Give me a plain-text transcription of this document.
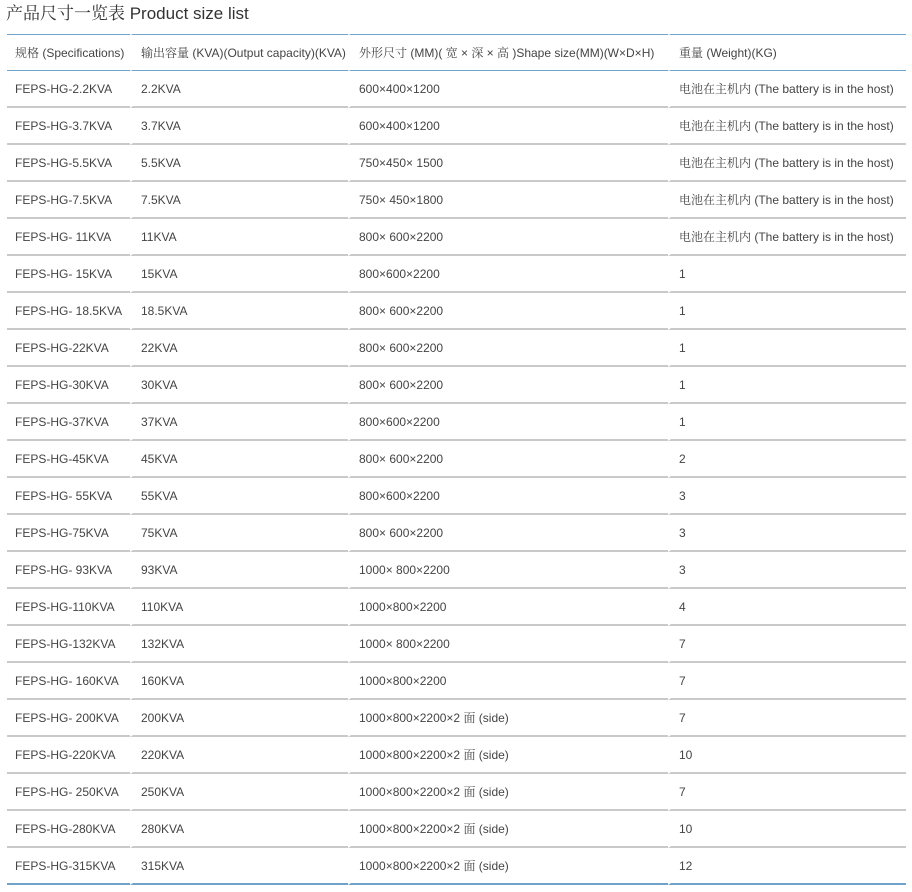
产品尺寸一览表 Product size list
规格 (Specifications)	输出容量 (KVA)(Output capacity)(KVA)	外形尺寸 (MM)( 宽 × 深 × 高 )Shape size(MM)(W×D×H)	重量 (Weight)(KG)
FEPS-HG-2.2KVA	2.2KVA	600×400×1200	电池在主机内 (The battery is in the host)
FEPS-HG-3.7KVA	3.7KVA	600×400×1200	电池在主机内 (The battery is in the host)
FEPS-HG-5.5KVA	5.5KVA	750×450× 1500	电池在主机内 (The battery is in the host)
FEPS-HG-7.5KVA	7.5KVA	750× 450×1800	电池在主机内 (The battery is in the host)
FEPS-HG- 11KVA	11KVA	800× 600×2200	电池在主机内 (The battery is in the host)
FEPS-HG- 15KVA	15KVA	800×600×2200	1
FEPS-HG- 18.5KVA	18.5KVA	800× 600×2200	1
FEPS-HG-22KVA	22KVA	800× 600×2200	1
FEPS-HG-30KVA	30KVA	800× 600×2200	1
FEPS-HG-37KVA	37KVA	800×600×2200	1
FEPS-HG-45KVA	45KVA	800× 600×2200	2
FEPS-HG- 55KVA	55KVA	800×600×2200	3
FEPS-HG-75KVA	75KVA	800× 600×2200	3
FEPS-HG- 93KVA	93KVA	1000× 800×2200	3
FEPS-HG-110KVA	110KVA	1000×800×2200	4
FEPS-HG-132KVA	132KVA	1000× 800×2200	7
FEPS-HG- 160KVA	160KVA	1000×800×2200	7
FEPS-HG- 200KVA	200KVA	1000×800×2200×2 面 (side)	7
FEPS-HG-220KVA	220KVA	1000×800×2200×2 面 (side)	10
FEPS-HG- 250KVA	250KVA	1000×800×2200×2 面 (side)	7
FEPS-HG-280KVA	280KVA	1000×800×2200×2 面 (side)	10
FEPS-HG-315KVA	315KVA	1000×800×2200×2 面 (side)	12
